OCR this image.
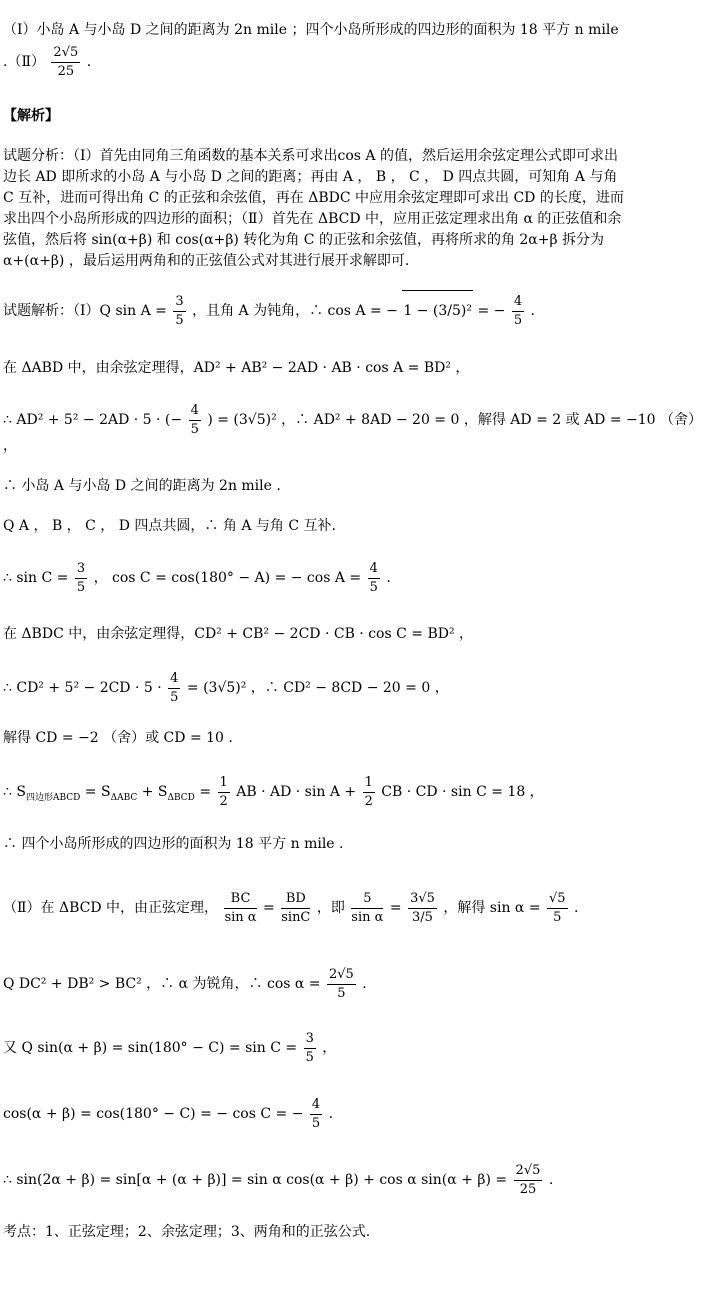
（Ⅰ）小岛 A 与小岛 D 之间的距离为 2n mile ；四个小岛所形成的四边形的面积为 18 平方 n mile
.（Ⅱ） $\frac{2√5}{25}$ .
【解析】
试题分析：（Ⅰ）首先由同角三角函数的基本关系可求出cos A 的值，然后运用余弦定理公式即可求出边长 AD 即所求的小岛 A 与小岛 D 之间的距离；再由 A ， B ， C ， D 四点共圆，可知角 A 与角 C 互补，进而可得出角 C 的正弦和余弦值，再在 ΔBDC 中应用余弦定理即可求出 CD 的长度，进而求出四个小岛所形成的四边形的面积；（Ⅱ）首先在 ΔBCD 中，应用正弦定理求出角 α 的正弦值和余弦值，然后将 sin(α+β) 和 cos(α+β) 转化为角 C 的正弦和余弦值，再将所求的角 2α+β 拆分为 α+(α+β) ，最后运用两角和的正弦值公式对其进行展开求解即可.
试题解析：（Ⅰ）Q $\sin A = \frac{3}{5}$ ，且角 A 为钝角，∴ cos A = − 1 − (3/5)² = − $\frac{4}{5}$ .
在 ΔABD 中，由余弦定理得，AD² + AB² − 2AD · AB · cos A = BD² ，
∴ AD² + 5² − 2AD · 5 · (− $\frac{4}{5}$ ) = (3√5)² ，∴ AD² + 8AD − 20 = 0 ，解得 AD = 2 或 AD = −10 （舍）
，
∴ 小岛 A 与小岛 D 之间的距离为 2n mile .
Q A ， B ， C ， D 四点共圆，∴ 角 A 与角 C 互补.
∴ $\sin C = \frac{3}{5}$ ， cos C = cos(180° − A) = − $\cos A = \frac{4}{5}$ .
在 ΔBDC 中，由余弦定理得，CD² + CB² − 2CD · CB · cos C = BD² ，
∴ $CD^2 + 5^2 - 2CD \cdot 5 \cdot \frac{4}{5} = (3√5)^2$ ，∴ CD² − 8CD − 20 = 0 ，
解得 CD = −2 （舍）或 CD = 10 .
∴ $S_{四边形ABCD} = S_{\Delta ABC} + S_{\Delta BCD} = \frac{1}{2}$ AB · AD · $\sin A + \frac{1}{2}$ CB · CD · sin C = 18 ，
∴ 四个小岛所形成的四边形的面积为 18 平方 n mile .
（Ⅱ）在 ΔBCD 中，由正弦定理， $\frac{BC}{\text{sin α}} = \frac{BD}{\sin C}$ ，即 $\frac{5}{\text{sin α}} = \frac{3√5}{3/5}$ ，解得 $\sin \alpha = \frac{√5}{5}$ .
Q DC² + DB² > BC² ，∴ α 为锐角，∴ $\cos \alpha = \frac{2√5}{5}$ .
又 Q $\sin(\alpha + \beta) = \sin(180^\circ - C) = \sin C = \frac{3}{5}$ ，
cos(α + β) = cos(180° − C) = − cos C = − $\frac{4}{5}$ .
∴ sin(2α + β) = sin[α + (α + β)] = sin α cos(α + β) + cos α $\sin(\alpha + \beta) = \frac{2√5}{25}$ .
考点：1、正弦定理；2、余弦定理；3、两角和的正弦公式.
